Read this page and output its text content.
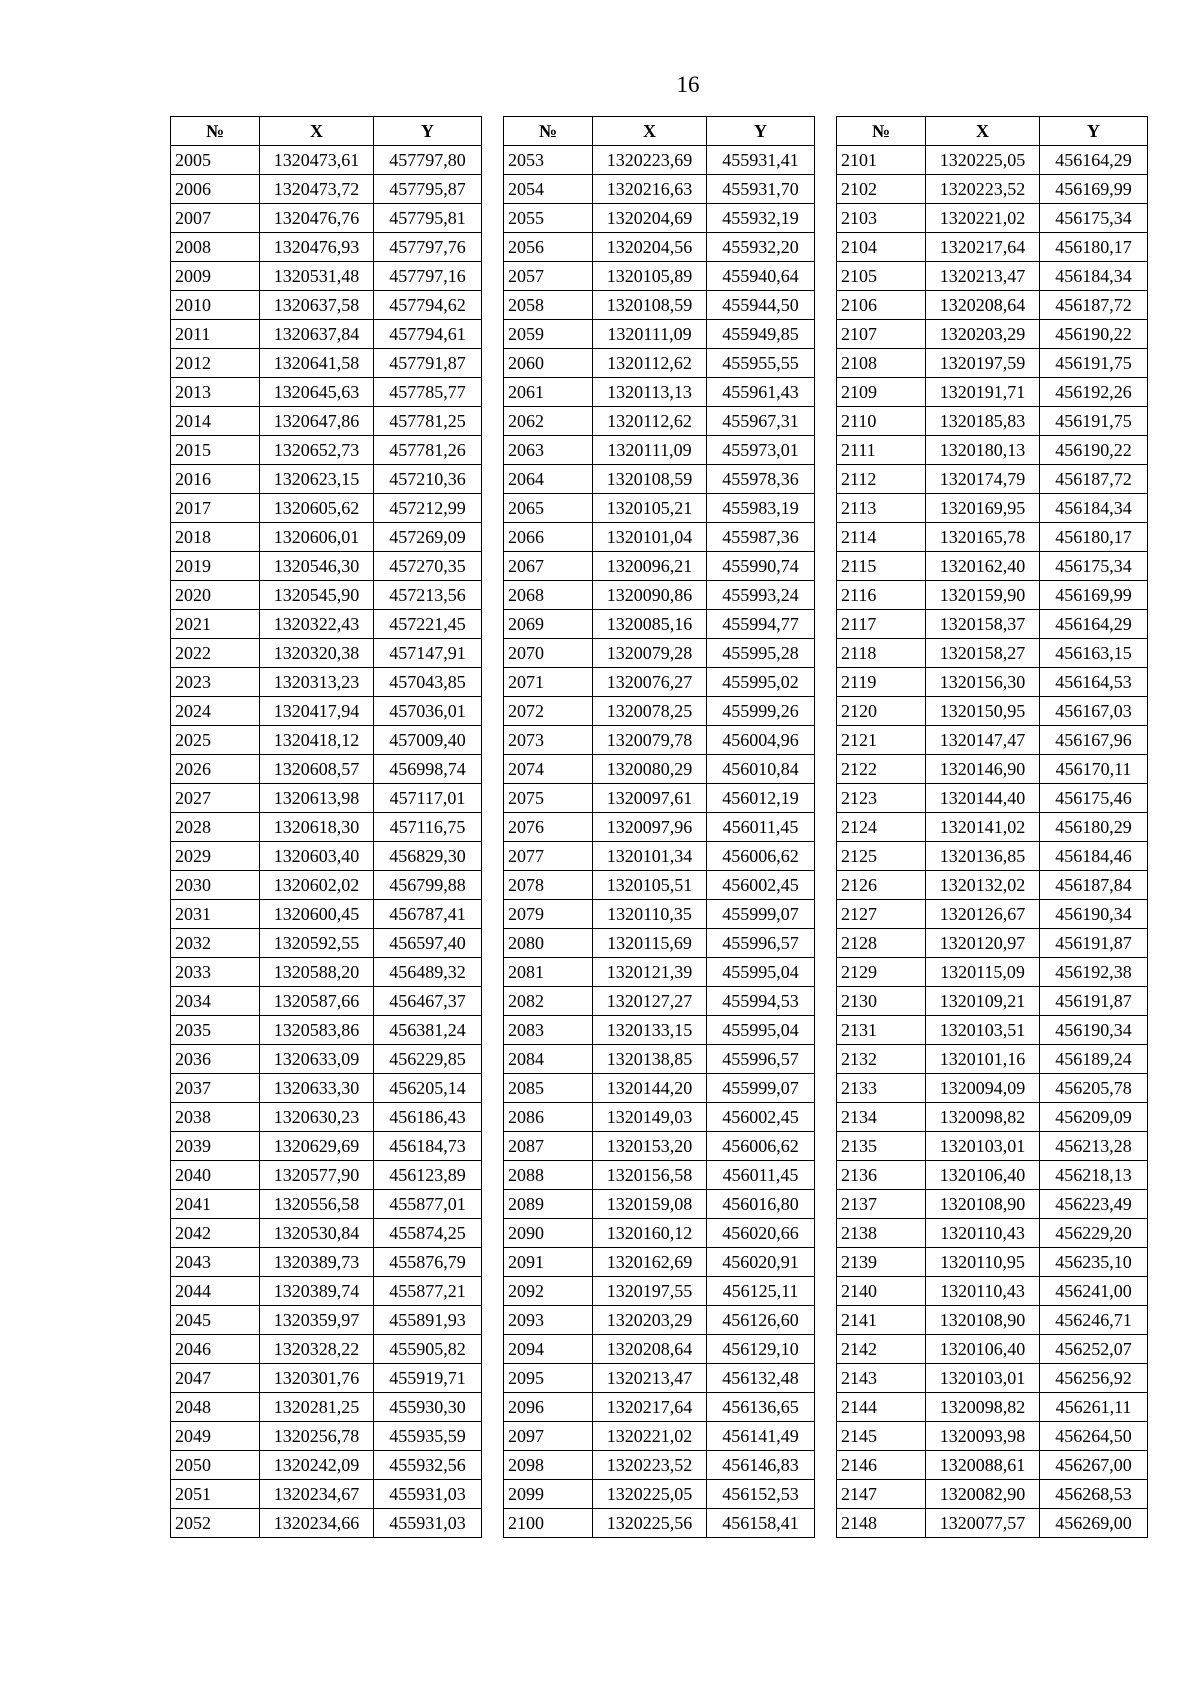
16
№	X	Y
2005	1320473,61	457797,80
2006	1320473,72	457795,87
2007	1320476,76	457795,81
2008	1320476,93	457797,76
2009	1320531,48	457797,16
2010	1320637,58	457794,62
2011	1320637,84	457794,61
2012	1320641,58	457791,87
2013	1320645,63	457785,77
2014	1320647,86	457781,25
2015	1320652,73	457781,26
2016	1320623,15	457210,36
2017	1320605,62	457212,99
2018	1320606,01	457269,09
2019	1320546,30	457270,35
2020	1320545,90	457213,56
2021	1320322,43	457221,45
2022	1320320,38	457147,91
2023	1320313,23	457043,85
2024	1320417,94	457036,01
2025	1320418,12	457009,40
2026	1320608,57	456998,74
2027	1320613,98	457117,01
2028	1320618,30	457116,75
2029	1320603,40	456829,30
2030	1320602,02	456799,88
2031	1320600,45	456787,41
2032	1320592,55	456597,40
2033	1320588,20	456489,32
2034	1320587,66	456467,37
2035	1320583,86	456381,24
2036	1320633,09	456229,85
2037	1320633,30	456205,14
2038	1320630,23	456186,43
2039	1320629,69	456184,73
2040	1320577,90	456123,89
2041	1320556,58	455877,01
2042	1320530,84	455874,25
2043	1320389,73	455876,79
2044	1320389,74	455877,21
2045	1320359,97	455891,93
2046	1320328,22	455905,82
2047	1320301,76	455919,71
2048	1320281,25	455930,30
2049	1320256,78	455935,59
2050	1320242,09	455932,56
2051	1320234,67	455931,03
2052	1320234,66	455931,03
№	X	Y
2053	1320223,69	455931,41
2054	1320216,63	455931,70
2055	1320204,69	455932,19
2056	1320204,56	455932,20
2057	1320105,89	455940,64
2058	1320108,59	455944,50
2059	1320111,09	455949,85
2060	1320112,62	455955,55
2061	1320113,13	455961,43
2062	1320112,62	455967,31
2063	1320111,09	455973,01
2064	1320108,59	455978,36
2065	1320105,21	455983,19
2066	1320101,04	455987,36
2067	1320096,21	455990,74
2068	1320090,86	455993,24
2069	1320085,16	455994,77
2070	1320079,28	455995,28
2071	1320076,27	455995,02
2072	1320078,25	455999,26
2073	1320079,78	456004,96
2074	1320080,29	456010,84
2075	1320097,61	456012,19
2076	1320097,96	456011,45
2077	1320101,34	456006,62
2078	1320105,51	456002,45
2079	1320110,35	455999,07
2080	1320115,69	455996,57
2081	1320121,39	455995,04
2082	1320127,27	455994,53
2083	1320133,15	455995,04
2084	1320138,85	455996,57
2085	1320144,20	455999,07
2086	1320149,03	456002,45
2087	1320153,20	456006,62
2088	1320156,58	456011,45
2089	1320159,08	456016,80
2090	1320160,12	456020,66
2091	1320162,69	456020,91
2092	1320197,55	456125,11
2093	1320203,29	456126,60
2094	1320208,64	456129,10
2095	1320213,47	456132,48
2096	1320217,64	456136,65
2097	1320221,02	456141,49
2098	1320223,52	456146,83
2099	1320225,05	456152,53
2100	1320225,56	456158,41
№	X	Y
2101	1320225,05	456164,29
2102	1320223,52	456169,99
2103	1320221,02	456175,34
2104	1320217,64	456180,17
2105	1320213,47	456184,34
2106	1320208,64	456187,72
2107	1320203,29	456190,22
2108	1320197,59	456191,75
2109	1320191,71	456192,26
2110	1320185,83	456191,75
2111	1320180,13	456190,22
2112	1320174,79	456187,72
2113	1320169,95	456184,34
2114	1320165,78	456180,17
2115	1320162,40	456175,34
2116	1320159,90	456169,99
2117	1320158,37	456164,29
2118	1320158,27	456163,15
2119	1320156,30	456164,53
2120	1320150,95	456167,03
2121	1320147,47	456167,96
2122	1320146,90	456170,11
2123	1320144,40	456175,46
2124	1320141,02	456180,29
2125	1320136,85	456184,46
2126	1320132,02	456187,84
2127	1320126,67	456190,34
2128	1320120,97	456191,87
2129	1320115,09	456192,38
2130	1320109,21	456191,87
2131	1320103,51	456190,34
2132	1320101,16	456189,24
2133	1320094,09	456205,78
2134	1320098,82	456209,09
2135	1320103,01	456213,28
2136	1320106,40	456218,13
2137	1320108,90	456223,49
2138	1320110,43	456229,20
2139	1320110,95	456235,10
2140	1320110,43	456241,00
2141	1320108,90	456246,71
2142	1320106,40	456252,07
2143	1320103,01	456256,92
2144	1320098,82	456261,11
2145	1320093,98	456264,50
2146	1320088,61	456267,00
2147	1320082,90	456268,53
2148	1320077,57	456269,00
